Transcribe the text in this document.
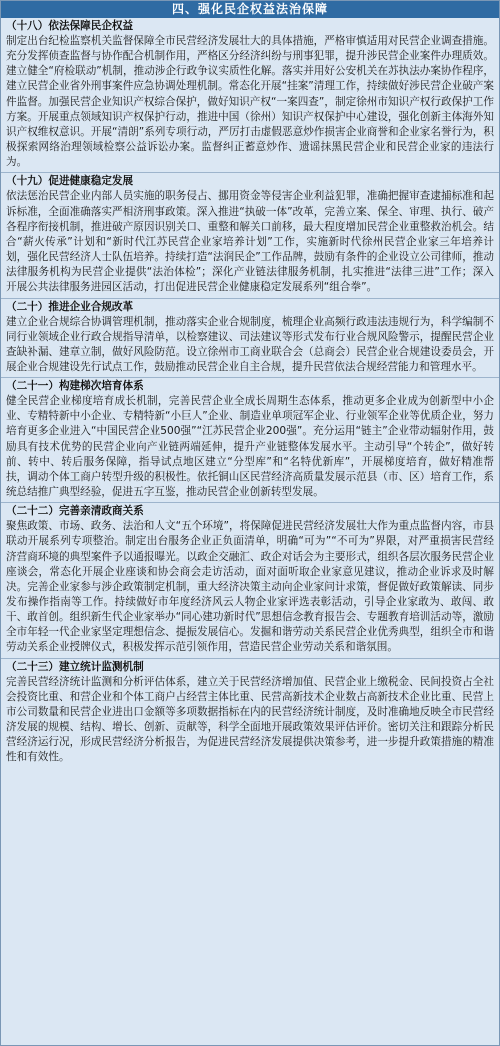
四、强化民企权益法治保障
（十八）依法保障民企权益
制定出台纪检监察机关监督保障全市民营经济发展壮大的具体措施，严格审慎适用对民营企业调查措施。充分发挥侦查监督与协作配合机制作用，严格区分经济纠纷与刑事犯罪，提升涉民营企业案件办理质效。建立健全“府检联动”机制，推动涉企行政争议实质性化解。落实并用好公安机关在苏执法办案协作程序，建立民营企业省外刑事案件应急协调处理机制。常态化开展“挂案”清理工作，持续做好涉民营企业破产案件监督。加强民营企业知识产权综合保护，做好知识产权“一案四查”，制定徐州市知识产权行政保护工作方案。开展重点领域知识产权保护行动，推进中国（徐州）知识产权保护中心建设，强化创新主体海外知识产权维权意识。开展“清朗”系列专项行动，严厉打击虚假恶意炒作损害企业商誉和企业家名誉行为，积极探索网络治理领域检察公益诉讼办案。监督纠正蓄意炒作、遗谣抹黑民营企业和民营企业家的违法行为。
（十九）促进健康稳定发展
依法惩治民营企业内部人员实施的职务侵占、挪用资金等侵害企业利益犯罪，准确把握审查逮捕标准和起诉标准，全面准确落实严相济刑事政策。深入推进“执破一体”改革，完善立案、保全、审理、执行、破产各程序衔接机制，推进破产原因识别关口、重整和解关口前移，最大程度增加民营企业重整救治机会。结合“薪火传承”计划和“新时代江苏民营企业家培养计划”工作，实施新时代徐州民营企业家三年培养计划，强化民营经济人士队伍培养。持续打造“法润民企”工作品牌，鼓励有条件的企业设立公司律师，推动法律服务机构为民营企业提供“法治体检”；深化产业链法律服务机制，扎实推进“法律三进”工作；深入开展公共法律服务进园区活动，打出促进民营企业健康稳定发展系列“组合拳”。
（二十）推进企业合规改革
建立企业合规综合协调管理机制，推动落实企业合规制度，梳理企业高频行政违法违规行为，科学编制不同行业领域企业行政合规指导清单，以检察建议、司法建议等形式发布行业合规风险警示，提醒民营企业查缺补漏、建章立制，做好风险防范。设立徐州市工商业联合会（总商会）民营企业合规建设委员会，开展企业合规建设先行试点工作，鼓励推动民营企业自主合规，提升民营依法合规经营能力和管理水平。
（二十一）构建梯次培育体系
健全民营企业梯度培育成长机制，完善民营企业全成长周期生态体系，推动更多企业成为创新型中小企业、专精特新中小企业、专精特新“小巨人”企业、制造业单项冠军企业、行业领军企业等优质企业，努力培育更多企业进入“中国民营企业500强”“江苏民营企业200强”。充分运用“链主”企业带动辐射作用，鼓励具有技术优势的民营企业向产业链两端延伸，提升产业链整体发展水平。主动引导“个转企”，做好转前、转中、转后服务保障，指导试点地区建立“分型库”和“名特优新库”，开展梯度培育，做好精准帮扶，调动个体工商户转型升级的积极性。依托铜山区民营经济高质量发展示范县（市、区）培育工作，系统总结推广典型经验，促进五字互鉴，推动民营企业创新转型发展。
（二十二）完善亲清政商关系
聚焦政策、市场、政务、法治和人文“五个环境”，将保障促进民营经济发展壮大作为重点监督内容，市县联动开展系列专项整治。制定出台服务企业正负面清单，明确“可为”“不可为”界限，对严重损害民营经济营商环境的典型案件予以通报曝光。以政企交融汇、政企对话会为主要形式，组织各层次服务民营企业座谈会，常态化开展企业座谈和协会商会走访活动，面对面听取企业家意见建议，推动企业诉求及时解决。完善企业家参与涉企政策制定机制，重大经济决策主动向企业家问计求策，督促做好政策解读、同步发布操作指南等工作。持续做好市年度经济风云人物企业家评选表彰活动，引导企业家敢为、敢闯、敢干、敢首创。组织新生代企业家举办“同心建功新时代”思想信念教育报告会、专题教育培训活动等，激励全市年轻一代企业家坚定理想信念、提振发展信心。发掘和谐劳动关系民营企业优秀典型，组织全市和谐劳动关系企业授牌仪式，积极发挥示范引领作用，营造民营企业劳动关系和谐氛围。
（二十三）建立统计监测机制
完善民营经济统计监测和分析评估体系，建立关于民营经济增加值、民营企业上缴税金、民间投资占全社会投资比重、和营企业和个体工商户占经营主体比重、民营高新技术企业数占高新技术企业比重、民营上市公司数量和民营企业进出口金额等多项数据指标在内的民营经济统计制度，及时准确地反映全市民营经济发展的规模、结构、增长、创新、贡献等，科学全面地开展政策效果评估评价。密切关注和跟踪分析民营经济运行况，形成民营经济分析报告，为促进民营经济发展提供决策参考，进一步提升政策措施的精准性和有效性。
